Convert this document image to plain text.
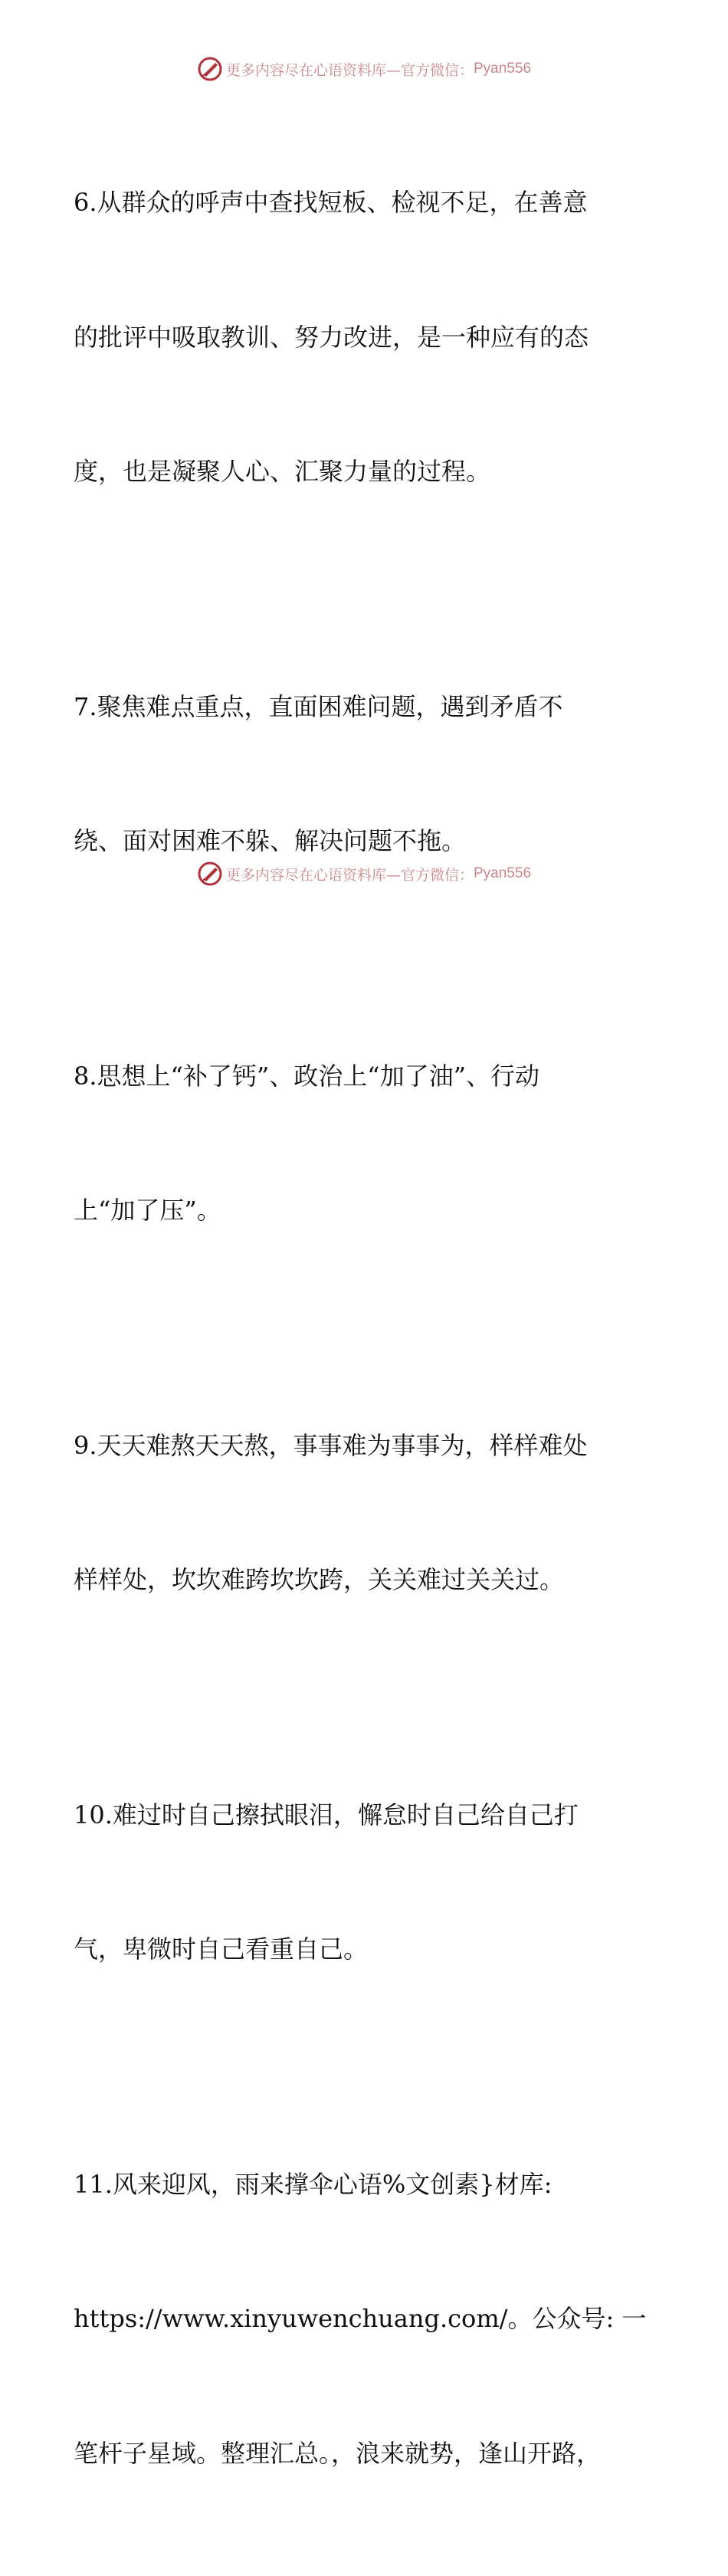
更多内容尽在心语资料库—官方微信： Pyan556

6.从群众的呼声中查找短板、检视不足，在善意

的批评中吸取教训、努力改进，是一种应有的态

度，也是凝聚人心、汇聚力量的过程。

7.聚焦难点重点，直面困难问题，遇到矛盾不

绕、面对困难不躲、解决问题不拖。

8.思想上“补了钙”、政治上“加了油”、行动

上“加了压”。

9.天天难熬天天熬，事事难为事事为，样样难处

样样处，坎坎难跨坎坎跨，关关难过关关过。

10.难过时自己擦拭眼泪，懈怠时自己给自己打

气，卑微时自己看重自己。

11.风来迎风，雨来撑伞心语%文创素}材库:

https://www.xinyuwenchuang.com/。公众号: 一

笔杆子星域。整理汇总。，浪来就势，逢山开路，

更多内容尽在心语资料库—官方微信： Pyan556
